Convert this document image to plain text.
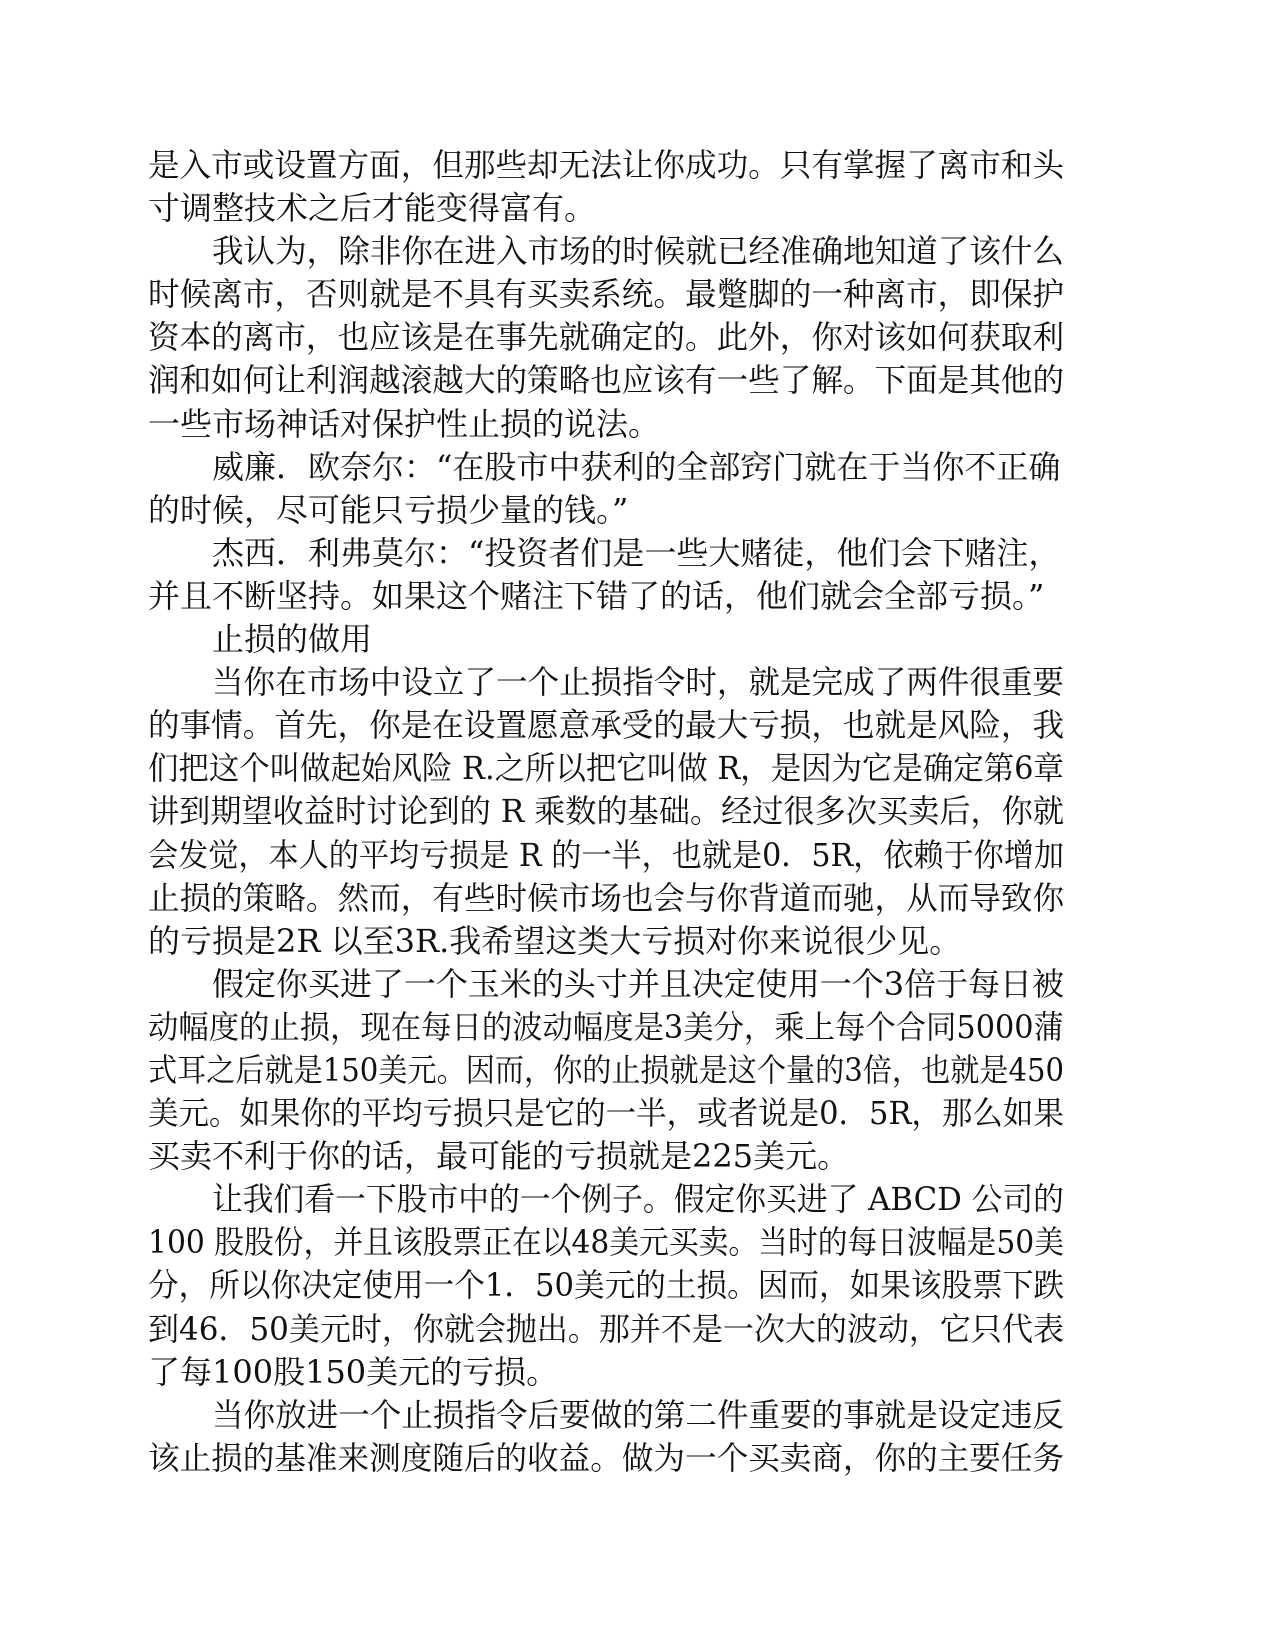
是入市或设置方面，但那些却无法让你成功。只有掌握了离市和头
寸调整技术之后才能变得富有。
我认为，除非你在进入市场的时候就已经准确地知道了该什么
时候离市，否则就是不具有买卖系统。最蹩脚的一种离市，即保护
资本的离市，也应该是在事先就确定的。此外，你对该如何获取利
润和如何让利润越滚越大的策略也应该有一些了解。下面是其他的
一些市场神话对保护性止损的说法。
威廉．欧奈尔：“在股市中获利的全部窍门就在于当你不正确
的时候，尽可能只亏损少量的钱。”
杰西．利弗莫尔：“投资者们是一些大赌徒，他们会下赌注，
并且不断坚持。如果这个赌注下错了的话，他们就会全部亏损。”
止损的做用
当你在市场中设立了一个止损指令时，就是完成了两件很重要
的事情。首先，你是在设置愿意承受的最大亏损，也就是风险，我
们把这个叫做起始风险 R.之所以把它叫做 R，是因为它是确定第6章
讲到期望收益时讨论到的 R 乘数的基础。经过很多次买卖后，你就
会发觉，本人的平均亏损是 R 的一半，也就是0．5R，依赖于你增加
止损的策略。然而，有些时候市场也会与你背道而驰，从而导致你
的亏损是2R 以至3R.我希望这类大亏损对你来说很少见。
假定你买进了一个玉米的头寸并且决定使用一个3倍于每日被
动幅度的止损，现在每日的波动幅度是3美分，乘上每个合同5000蒲
式耳之后就是150美元。因而，你的止损就是这个量的3倍，也就是450
美元。如果你的平均亏损只是它的一半，或者说是0．5R，那么如果
买卖不利于你的话，最可能的亏损就是225美元。
让我们看一下股市中的一个例子。假定你买进了 ABCD 公司的
100 股股份，并且该股票正在以48美元买卖。当时的每日波幅是50美
分，所以你决定使用一个1．50美元的土损。因而，如果该股票下跌
到46．50美元时，你就会抛出。那并不是一次大的波动，它只代表
了每100股150美元的亏损。
当你放进一个止损指令后要做的第二件重要的事就是设定违反
该止损的基准来测度随后的收益。做为一个买卖商，你的主要任务
